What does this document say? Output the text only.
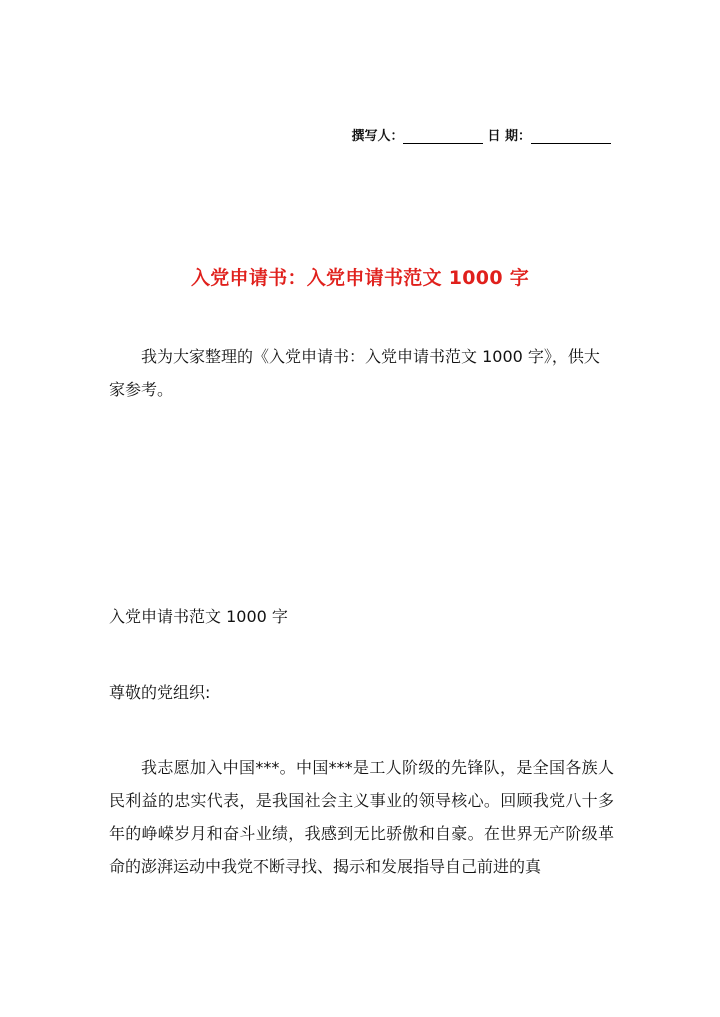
撰写人：	日 期：
入党申请书：入党申请书范文 1000 字

我为大家整理的《入党申请书：入党申请书范文 1000 字》，供大家参考。

入党申请书范文 1000 字

尊敬的党组织:

我志愿加入中国***。中国***是工人阶级的先锋队，是全国各族人民利益的忠实代表，是我国社会主义事业的领导核心。回顾我党八十多年的峥嵘岁月和奋斗业绩，我感到无比骄傲和自豪。在世界无产阶级革命的澎湃运动中我党不断寻找、揭示和发展指导自己前进的真
